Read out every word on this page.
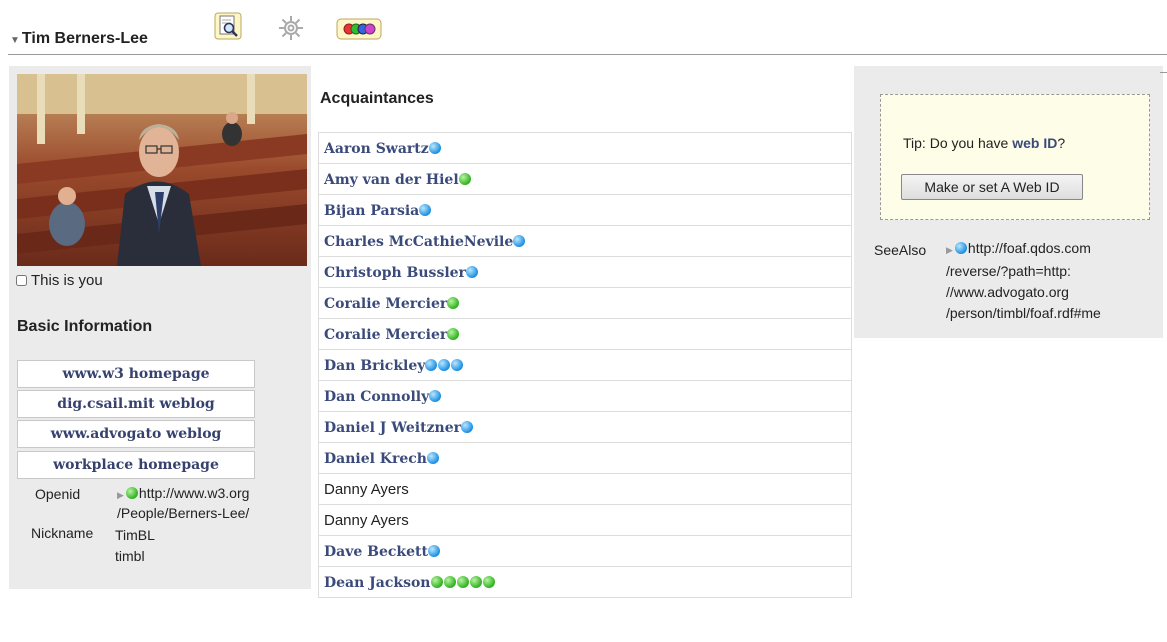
▼ Tim Berners-Lee
This is you
Basic Information
www.w3 homepage
dig.csail.mit weblog
www.advogato weblog
workplace homepage
Openid	▶ http://www.w3.org
/People/Berners-Lee/
Nickname TimBL
timbl
Acquaintances
Aaron Swartz
Amy van der Hiel
Bijan Parsia
Charles McCathieNevile
Christoph Bussler
Coralie Mercier
Coralie Mercier
Dan Brickley
Dan Connolly
Daniel J Weitzner
Daniel Krech
Danny Ayers
Danny Ayers
Dave Beckett
Dean Jackson
Tip: Do you have web ID?
Make or set A Web ID
SeeAlso ▶ http://foaf.qdos.com
/reverse/?path=http:
//www.advogato.org
/person/timbl/foaf.rdf#me
